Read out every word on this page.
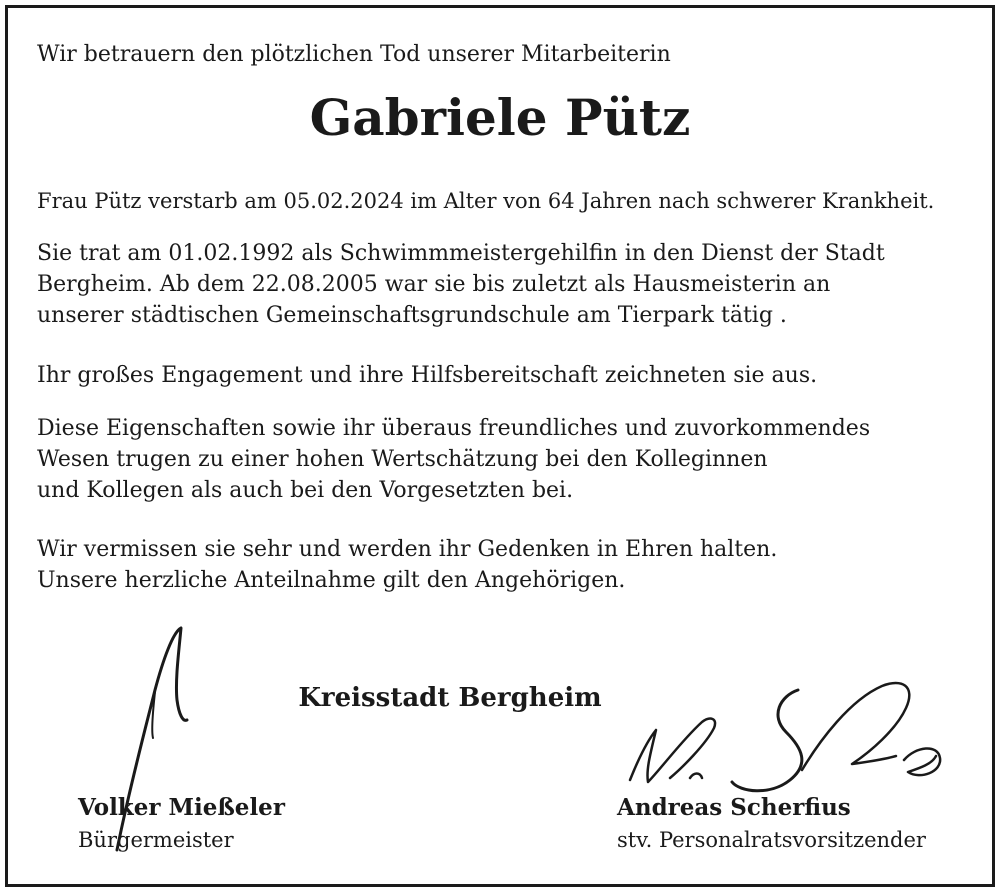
Wir betrauern den plötzlichen Tod unserer Mitarbeiterin
Gabriele Pütz
Frau Pütz verstarb am 05.02.2024 im Alter von 64 Jahren nach schwerer Krankheit.
Sie trat am 01.02.1992 als Schwimmmeistergehilfin in den Dienst der Stadt
Bergheim. Ab dem 22.08.2005 war sie bis zuletzt als Hausmeisterin an
unserer städtischen Gemeinschaftsgrundschule am Tierpark tätig .
Ihr großes Engagement und ihre Hilfsbereitschaft zeichneten sie aus.
Diese Eigenschaften sowie ihr überaus freundliches und zuvorkommendes
Wesen trugen zu einer hohen Wertschätzung bei den Kolleginnen
und Kollegen als auch bei den Vorgesetzten bei.
Wir vermissen sie sehr und werden ihr Gedenken in Ehren halten.
Unsere herzliche Anteilnahme gilt den Angehörigen.
Kreisstadt Bergheim
Volker Mießeler
Bürgermeister
Andreas Scherfius
stv. Personalratsvorsitzender
